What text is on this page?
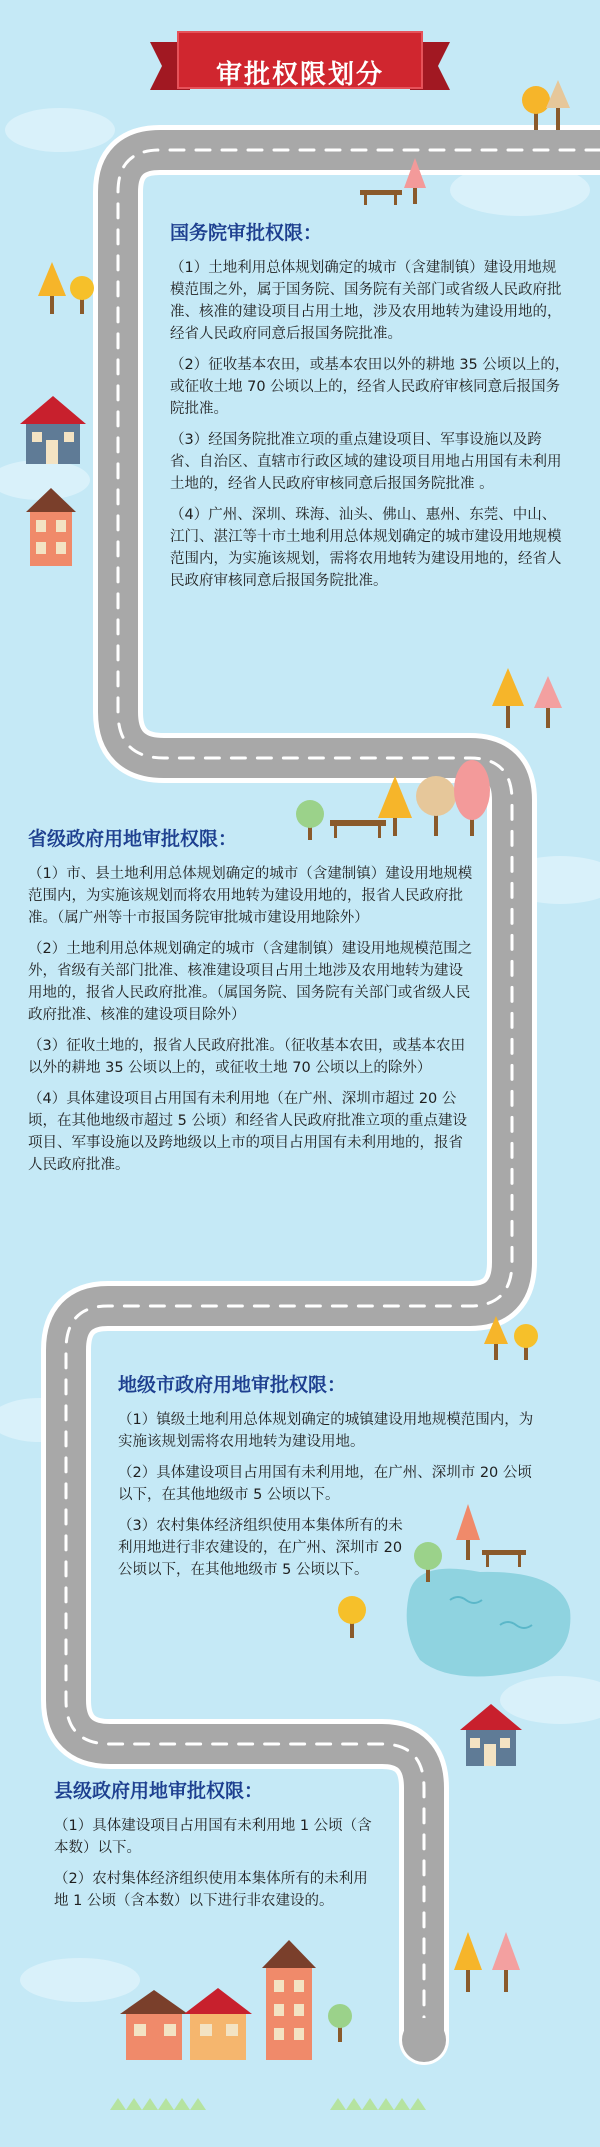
审批权限划分
国务院审批权限：
（1）土地利用总体规划确定的城市（含建制镇）建设用地规模范围之外，属于国务院、国务院有关部门或省级人民政府批准、核准的建设项目占用土地，涉及农用地转为建设用地的，经省人民政府同意后报国务院批准。
（2）征收基本农田，或基本农田以外的耕地 35 公顷以上的，或征收土地 70 公顷以上的，经省人民政府审核同意后报国务院批准。
（3）经国务院批准立项的重点建设项目、军事设施以及跨省、自治区、直辖市行政区域的建设项目用地占用国有未利用土地的，经省人民政府审核同意后报国务院批准 。
（4）广州、深圳、珠海、汕头、佛山、惠州、东莞、中山、江门、湛江等十市土地利用总体规划确定的城市建设用地规模范围内，为实施该规划，需将农用地转为建设用地的，经省人民政府审核同意后报国务院批准。
省级政府用地审批权限：
（1）市、县土地利用总体规划确定的城市（含建制镇）建设用地规模范围内，为实施该规划而将农用地转为建设用地的，报省人民政府批准。（属广州等十市报国务院审批城市建设用地除外）
（2）土地利用总体规划确定的城市（含建制镇）建设用地规模范围之外，省级有关部门批准、核准建设项目占用土地涉及农用地转为建设用地的，报省人民政府批准。（属国务院、国务院有关部门或省级人民政府批准、核准的建设项目除外）
（3）征收土地的，报省人民政府批准。（征收基本农田，或基本农田以外的耕地 35 公顷以上的，或征收土地 70 公顷以上的除外）
（4）具体建设项目占用国有未利用地（在广州、深圳市超过 20 公顷，在其他地级市超过 5 公顷）和经省人民政府批准立项的重点建设项目、军事设施以及跨地级以上市的项目占用国有未利用地的，报省人民政府批准。
地级市政府用地审批权限：
（1）镇级土地利用总体规划确定的城镇建设用地规模范围内，为实施该规划需将农用地转为建设用地。
（2）具体建设项目占用国有未利用地，在广州、深圳市 20 公顷以下，在其他地级市 5 公顷以下。
（3）农村集体经济组织使用本集体所有的未利用地进行非农建设的，在广州、深圳市 20 公顷以下，在其他地级市 5 公顷以下。
县级政府用地审批权限：
（1）具体建设项目占用国有未利用地 1 公顷（含本数）以下。
（2）农村集体经济组织使用本集体所有的未利用地 1 公顷（含本数）以下进行非农建设的。
